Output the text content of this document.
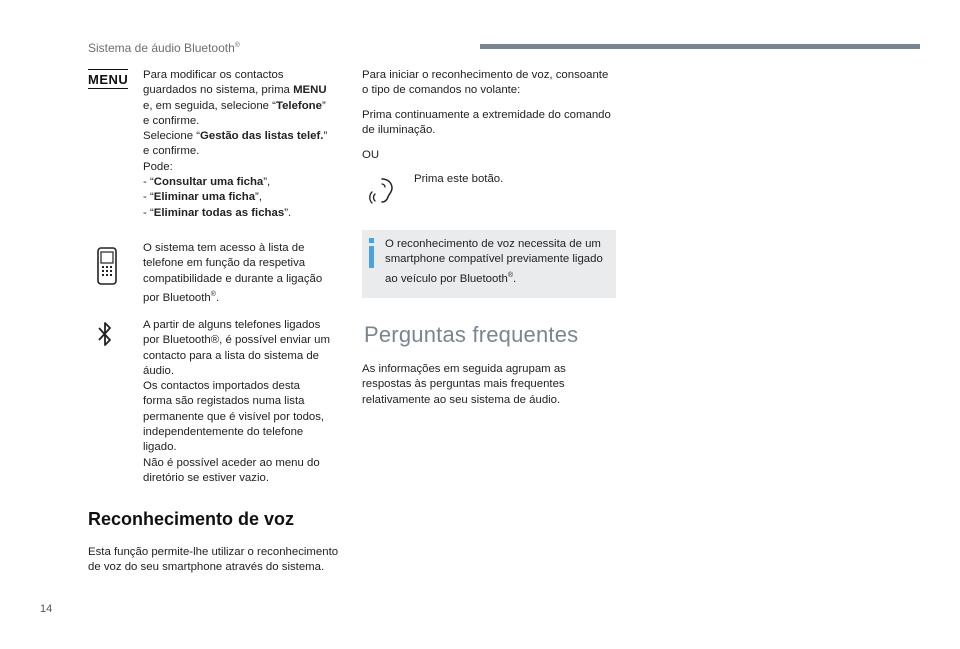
Sistema de áudio Bluetooth®
MENU Para modificar os contactos
guardados no sistema, prima MENU
e, em seguida, selecione “Telefone”
e confirme.
Selecione “Gestão das listas telef.”
e confirme.
Pode:
- “Consultar uma ficha”,
- “Eliminar uma ficha”,
- “Eliminar todas as fichas”.
O sistema tem acesso à lista de
telefone em função da respetiva
compatibilidade e durante a ligação
por Bluetooth®.
A partir de alguns telefones ligados
por Bluetooth®, é possível enviar um
contacto para a lista do sistema de
áudio.
Os contactos importados desta
forma são registados numa lista
permanente que é visível por todos,
independentemente do telefone
ligado.
Não é possível aceder ao menu do
diretório se estiver vazio.
Reconhecimento de voz
Esta função permite-lhe utilizar o reconhecimento
de voz do seu smartphone através do sistema.
Para iniciar o reconhecimento de voz, consoante
o tipo de comandos no volante:
Prima continuamente a extremidade do comando
de iluminação.
OU
Prima este botão.
O reconhecimento de voz necessita de um
smartphone compatível previamente ligado
ao veículo por Bluetooth®.
Perguntas frequentes
As informações em seguida agrupam as
respostas às perguntas mais frequentes
relativamente ao seu sistema de áudio.
14
